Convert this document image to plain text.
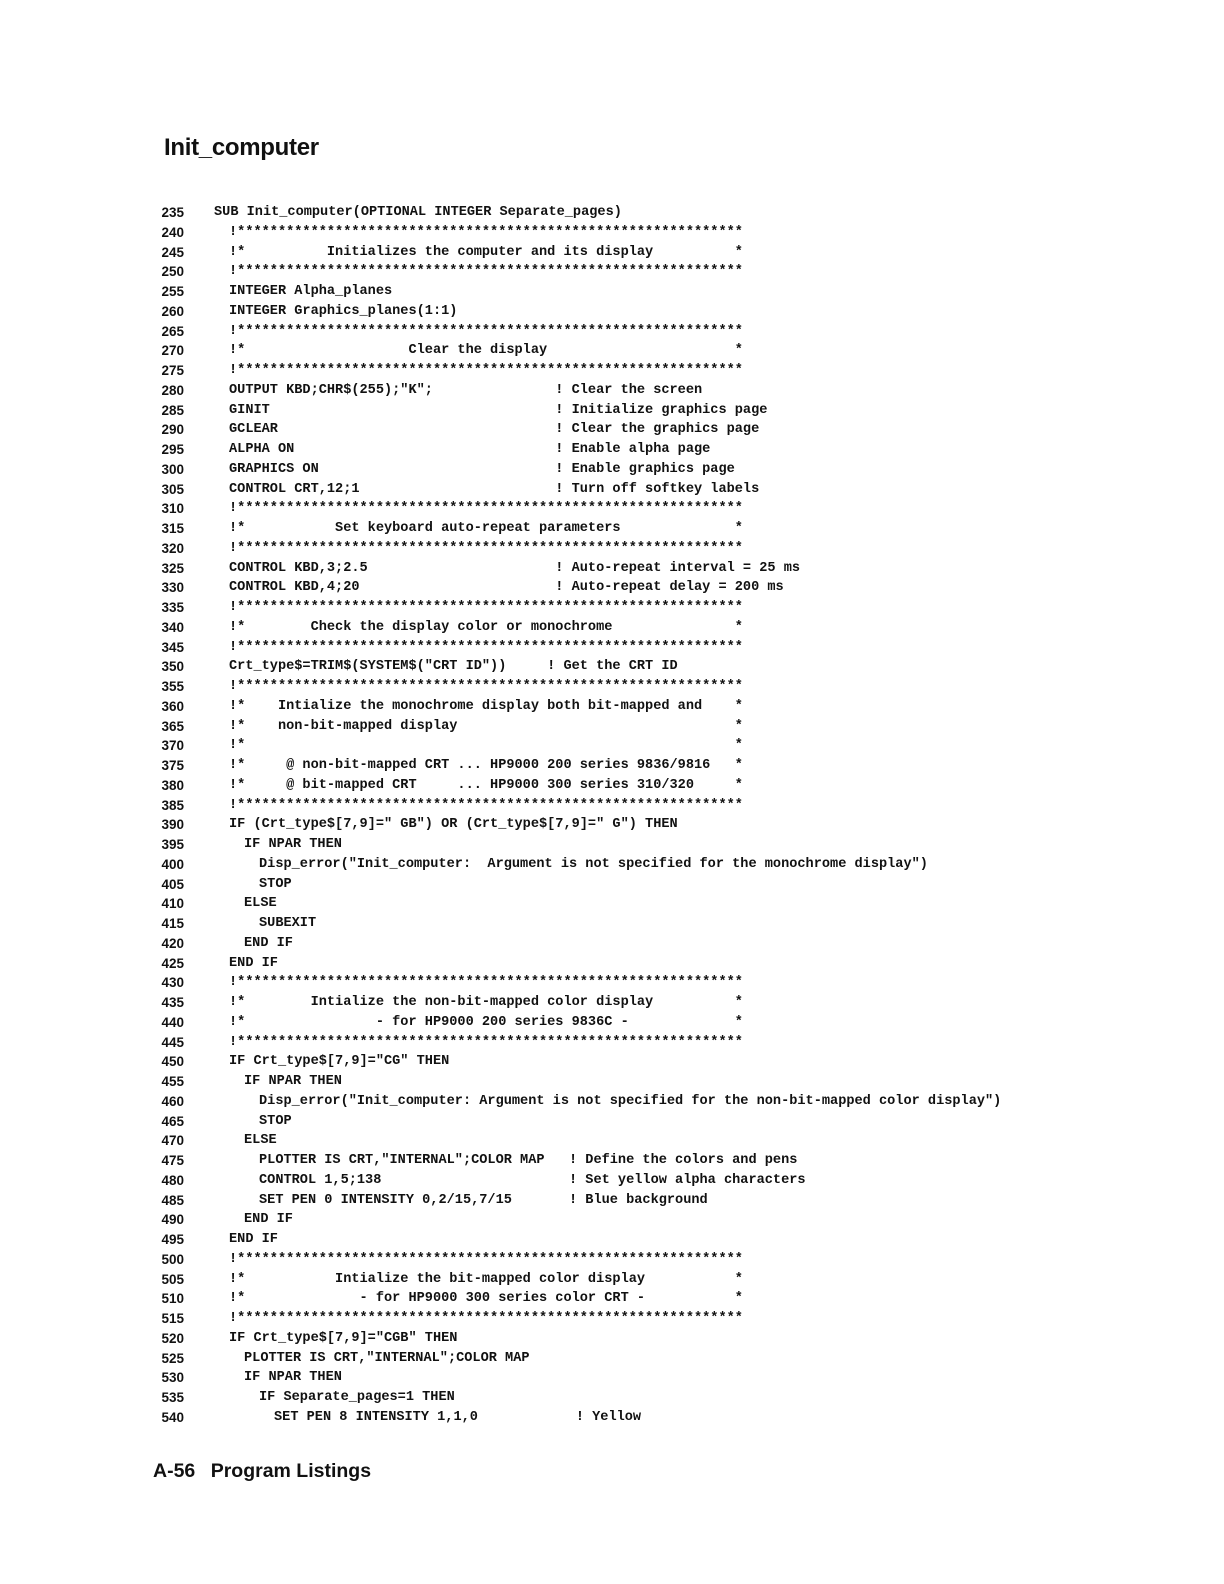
Init_computer
235 SUB Init_computer(OPTIONAL INTEGER Separate_pages)
240	!**************************************************************
245	!*          Initializes the computer and its display          *
250	!**************************************************************
255	INTEGER Alpha_planes
260	INTEGER Graphics_planes(1:1)
265	!**************************************************************
270	!*                    Clear the display                       *
275	!**************************************************************
280	OUTPUT KBD;CHR$(255);"K";               ! Clear the screen
285	GINIT                                   ! Initialize graphics page
290	GCLEAR                                  ! Clear the graphics page
295	ALPHA ON                                ! Enable alpha page
300	GRAPHICS ON                             ! Enable graphics page
305	CONTROL CRT,12;1                        ! Turn off softkey labels
310	!**************************************************************
315	!*           Set keyboard auto-repeat parameters              *
320	!**************************************************************
325	CONTROL KBD,3;2.5                       ! Auto-repeat interval = 25 ms
330	CONTROL KBD,4;20                        ! Auto-repeat delay = 200 ms
335	!**************************************************************
340	!*        Check the display color or monochrome               *
345	!**************************************************************
350	Crt_type$=TRIM$(SYSTEM$("CRT ID"))     ! Get the CRT ID
355	!**************************************************************
360	!*    Intialize the monochrome display both bit-mapped and    *
365	!*    non-bit-mapped display                                  *
370	!*                                                            *
375	!*     @ non-bit-mapped CRT ... HP9000 200 series 9836/9816   *
380	!*     @ bit-mapped CRT     ... HP9000 300 series 310/320     *
385	!**************************************************************
390	IF (Crt_type$[7,9]=" GB") OR (Crt_type$[7,9]=" G") THEN
395	IF NPAR THEN
400	Disp_error("Init_computer:  Argument is not specified for the monochrome display")
405	STOP
410	ELSE
415	SUBEXIT
420	END IF
425	END IF
430	!**************************************************************
435	!*        Intialize the non-bit-mapped color display          *
440	!*                - for HP9000 200 series 9836C -             *
445	!**************************************************************
450	IF Crt_type$[7,9]="CG" THEN
455	IF NPAR THEN
460	Disp_error("Init_computer: Argument is not specified for the non-bit-mapped color display")
465	STOP
470	ELSE
475	PLOTTER IS CRT,"INTERNAL";COLOR MAP   ! Define the colors and pens
480	CONTROL 1,5;138                       ! Set yellow alpha characters
485	SET PEN 0 INTENSITY 0,2/15,7/15       ! Blue background
490	END IF
495	END IF
500	!**************************************************************
505	!*           Intialize the bit-mapped color display           *
510	!*              - for HP9000 300 series color CRT -           *
515	!**************************************************************
520	IF Crt_type$[7,9]="CGB" THEN
525	PLOTTER IS CRT,"INTERNAL";COLOR MAP
530	IF NPAR THEN
535	IF Separate_pages=1 THEN
540	SET PEN 8 INTENSITY 1,1,0            ! Yellow
A-56 Program Listings
